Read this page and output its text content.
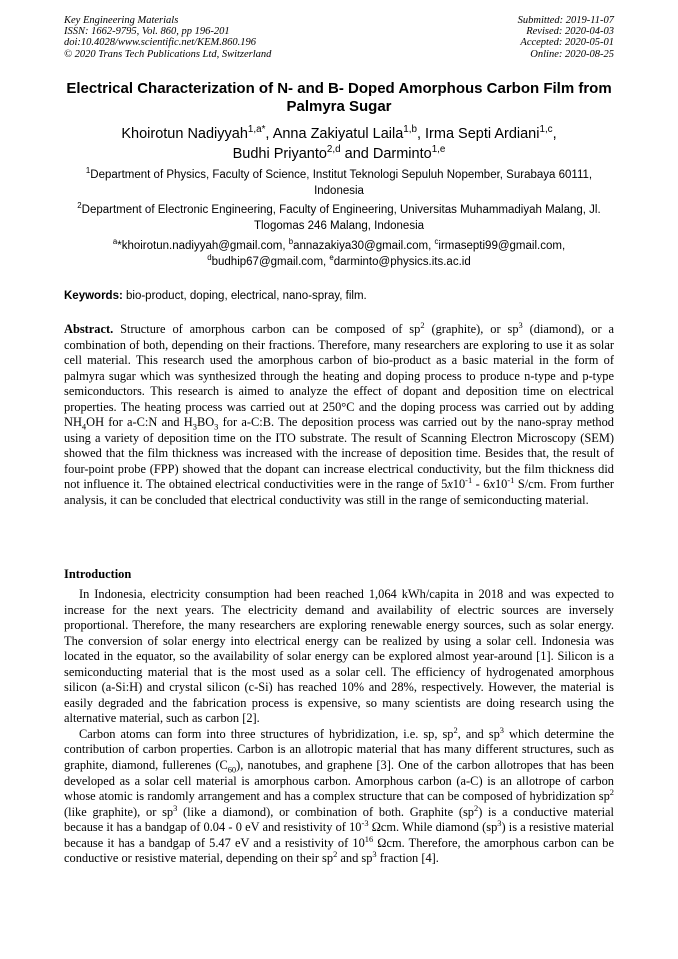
Key Engineering Materials
ISSN: 1662-9795, Vol. 860, pp 196-201
doi:10.4028/www.scientific.net/KEM.860.196
© 2020 Trans Tech Publications Ltd, Switzerland
Submitted: 2019-11-07
Revised: 2020-04-03
Accepted: 2020-05-01
Online: 2020-08-25
Electrical Characterization of N- and B- Doped Amorphous Carbon Film from Palmyra Sugar
Khoirotun Nadiyyah$^{1,a*}$, Anna Zakiyatul Laila$^{1,b}$, Irma Septi Ardiani$^{1,c}$,
Budhi Priyanto$^{2,d}$ and Darminto$^{1,e}$
$^1$Department of Physics, Faculty of Science, Institut Teknologi Sepuluh Nopember, Surabaya 60111, Indonesia
$^2$Department of Electronic Engineering, Faculty of Engineering, Universitas Muhammadiyah Malang, Jl. Tlogomas 246 Malang, Indonesia
$^a$*khoirotun.nadiyyah@gmail.com, $^b$annazakiya30@gmail.com, $^c$irmasepti99@gmail.com,
$^d$budhip67@gmail.com, $^e$darminto@physics.its.ac.id
Keywords: bio-product, doping, electrical, nano-spray, film.
Abstract. Structure of amorphous carbon can be composed of $sp^2$ (graphite), or $sp^3$ (diamond), or a combination of both, depending on their fractions. Therefore, many researchers are exploring to use it as solar cell material. This research used the amorphous carbon of bio-product as a basic material in the form of palmyra sugar which was synthesized through the heating and doping process to produce n-type and p-type semiconductors. This research is aimed to analyze the effect of dopant and deposition time on electrical properties. The heating process was carried out at 250°C and the doping process was carried out by adding $NH_4OH$ for a-C:N and $H_3BO_3$ for a-C:B. The deposition process was carried out by the nano-spray method using a variety of deposition time on the ITO substrate. The result of Scanning Electron Microscopy (SEM) showed that the film thickness was increased with the increase of deposition time. Besides that, the result of four-point probe (FPP) showed that the dopant can increase electrical conductivity, but the film thickness did not influence it. The obtained electrical conductivities were in the range of $5x10^{-1} - 6x10^{-1}$ S/cm. From further analysis, it can be concluded that electrical conductivity was still in the range of semiconducting material.
Introduction

In Indonesia, electricity consumption had been reached 1,064 kWh/capita in 2018 and was expected to increase for the next years. The electricity demand and availability of electric sources are inversely proportional. Therefore, the many researchers are exploring renewable energy sources, such as solar energy. The conversion of solar energy into electrical energy can be realized by using a solar cell. Indonesia was located in the equator, so the availability of solar energy can be explored almost year-around [1]. Silicon is a semiconducting material that is the most used as a solar cell. The efficiency of hydrogenated amorphous silicon (a-Si:H) and crystal silicon (c-Si) has reached 10% and 28%, respectively. However, the material is easily degraded and the fabrication process is expensive, so many scientists are doing research using the alternative material, such as carbon [2].

Carbon atoms can form into three structures of hybridization, i.e. sp, $sp^2$, and $sp^3$ which determine the contribution of carbon properties. Carbon is an allotropic material that has many different structures, such as graphite, diamond, fullerenes $(C_{60})$, nanotubes, and graphene [3]. One of the carbon allotropes that has been developed as a solar cell material is amorphous carbon. Amorphous carbon (a-C) is an allotrope of carbon whose atomic is randomly arrangement and has a complex structure that can be composed of hybridization $sp^2$ (like graphite), or $sp^3$ (like a diamond), or combination of both. Graphite $(sp^2)$ is a conductive material because it has a bandgap of 0.04 - 0 eV and resistivity of $10^{-3}$ Ωcm. While diamond $(sp^3)$ is a resistive material because it has a bandgap of 5.47 eV and a resistivity of $10^{16}$ Ωcm. Therefore, the amorphous carbon can be conductive or resistive material, depending on their $sp^2$ and $sp^3$ fraction [4].
